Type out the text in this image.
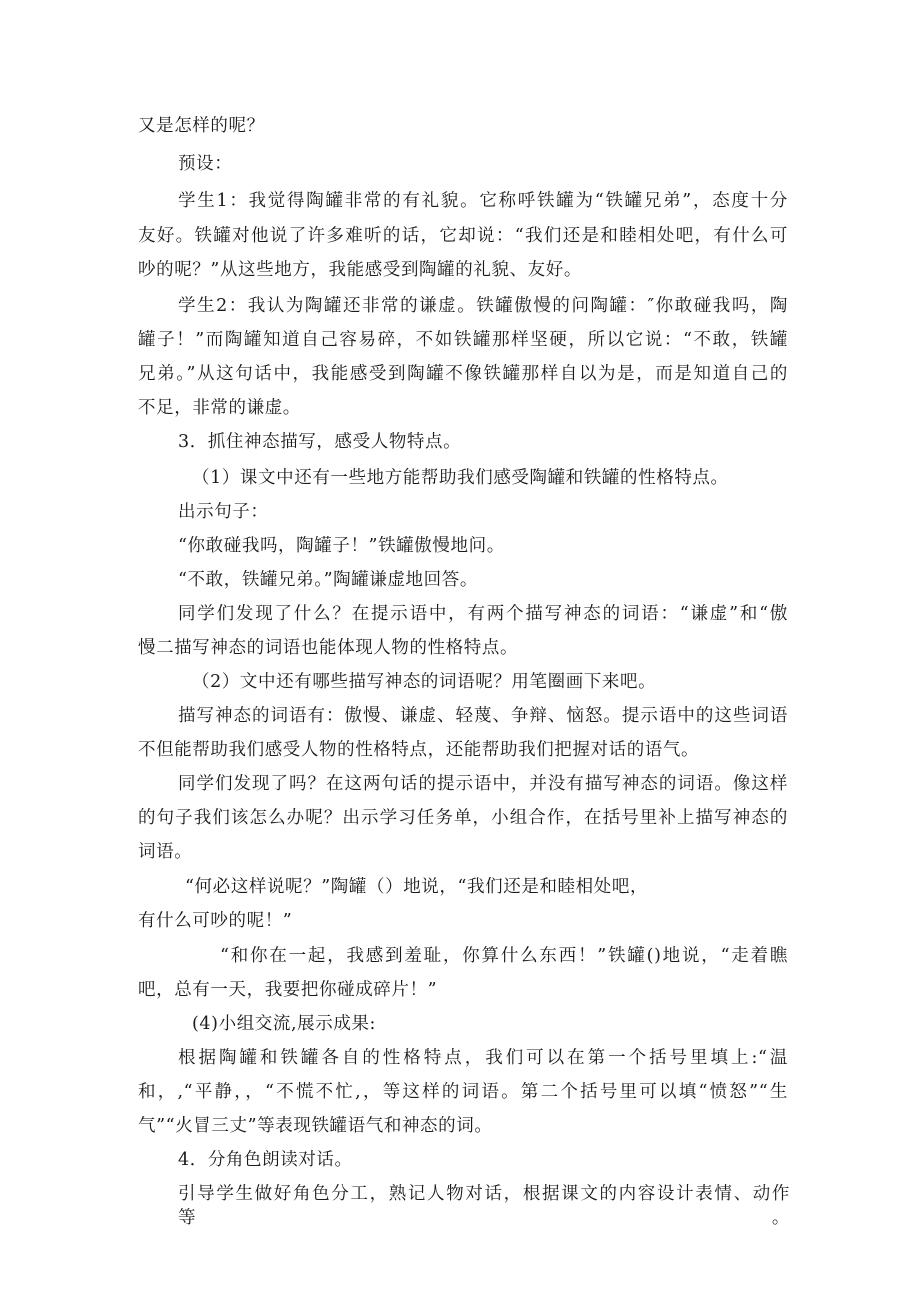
又是怎样的呢？
预设：
学生1：我觉得陶罐非常的有礼貌。它称呼铁罐为“铁罐兄弟”，态度十分
友好。铁罐对他说了许多难听的话，它却说：“我们还是和睦相处吧，有什么可
吵的呢？”从这些地方，我能感受到陶罐的礼貌、友好。
学生2：我认为陶罐还非常的谦虚。铁罐傲慢的问陶罐：″你敢碰我吗，陶
罐子！”而陶罐知道自己容易碎，不如铁罐那样坚硬，所以它说：“不敢，铁罐
兄弟。”从这句话中，我能感受到陶罐不像铁罐那样自以为是，而是知道自己的
不足，非常的谦虚。
3．抓住神态描写，感受人物特点。
（1）课文中还有一些地方能帮助我们感受陶罐和铁罐的性格特点。
出示句子：
“你敢碰我吗，陶罐子！”铁罐傲慢地问。
“不敢，铁罐兄弟。”陶罐谦虚地回答。
同学们发现了什么？在提示语中，有两个描写神态的词语：“谦虚”和“傲
慢二描写神态的词语也能体现人物的性格特点。
（2）文中还有哪些描写神态的词语呢？用笔圈画下来吧。
描写神态的词语有：傲慢、谦虚、轻蔑、争辩、恼怒。提示语中的这些词语
不但能帮助我们感受人物的性格特点，还能帮助我们把握对话的语气。
同学们发现了吗？在这两句话的提示语中，并没有描写神态的词语。像这样
的句子我们该怎么办呢？出示学习任务单，小组合作，在括号里补上描写神态的
词语。
“何必这样说呢？”陶罐（）地说，“我们还是和睦相处吧，
有什么可吵的呢！”
“和你在一起，我感到羞耻，你算什么东西！”铁罐()地说，“走着瞧
吧，总有一天，我要把你碰成碎片！”
(4)小组交流,展示成果:
根据陶罐和铁罐各自的性格特点，我们可以在第一个括号里填上:“温
和，,“平静，，“不慌不忙,，等这样的词语。第二个括号里可以填“愤怒”“生
气”“火冒三丈”等表现铁罐语气和神态的词。
4．分角色朗读对话。
引导学生做好角色分工，熟记人物对话，根据课文的内容设计表情、动作等。
